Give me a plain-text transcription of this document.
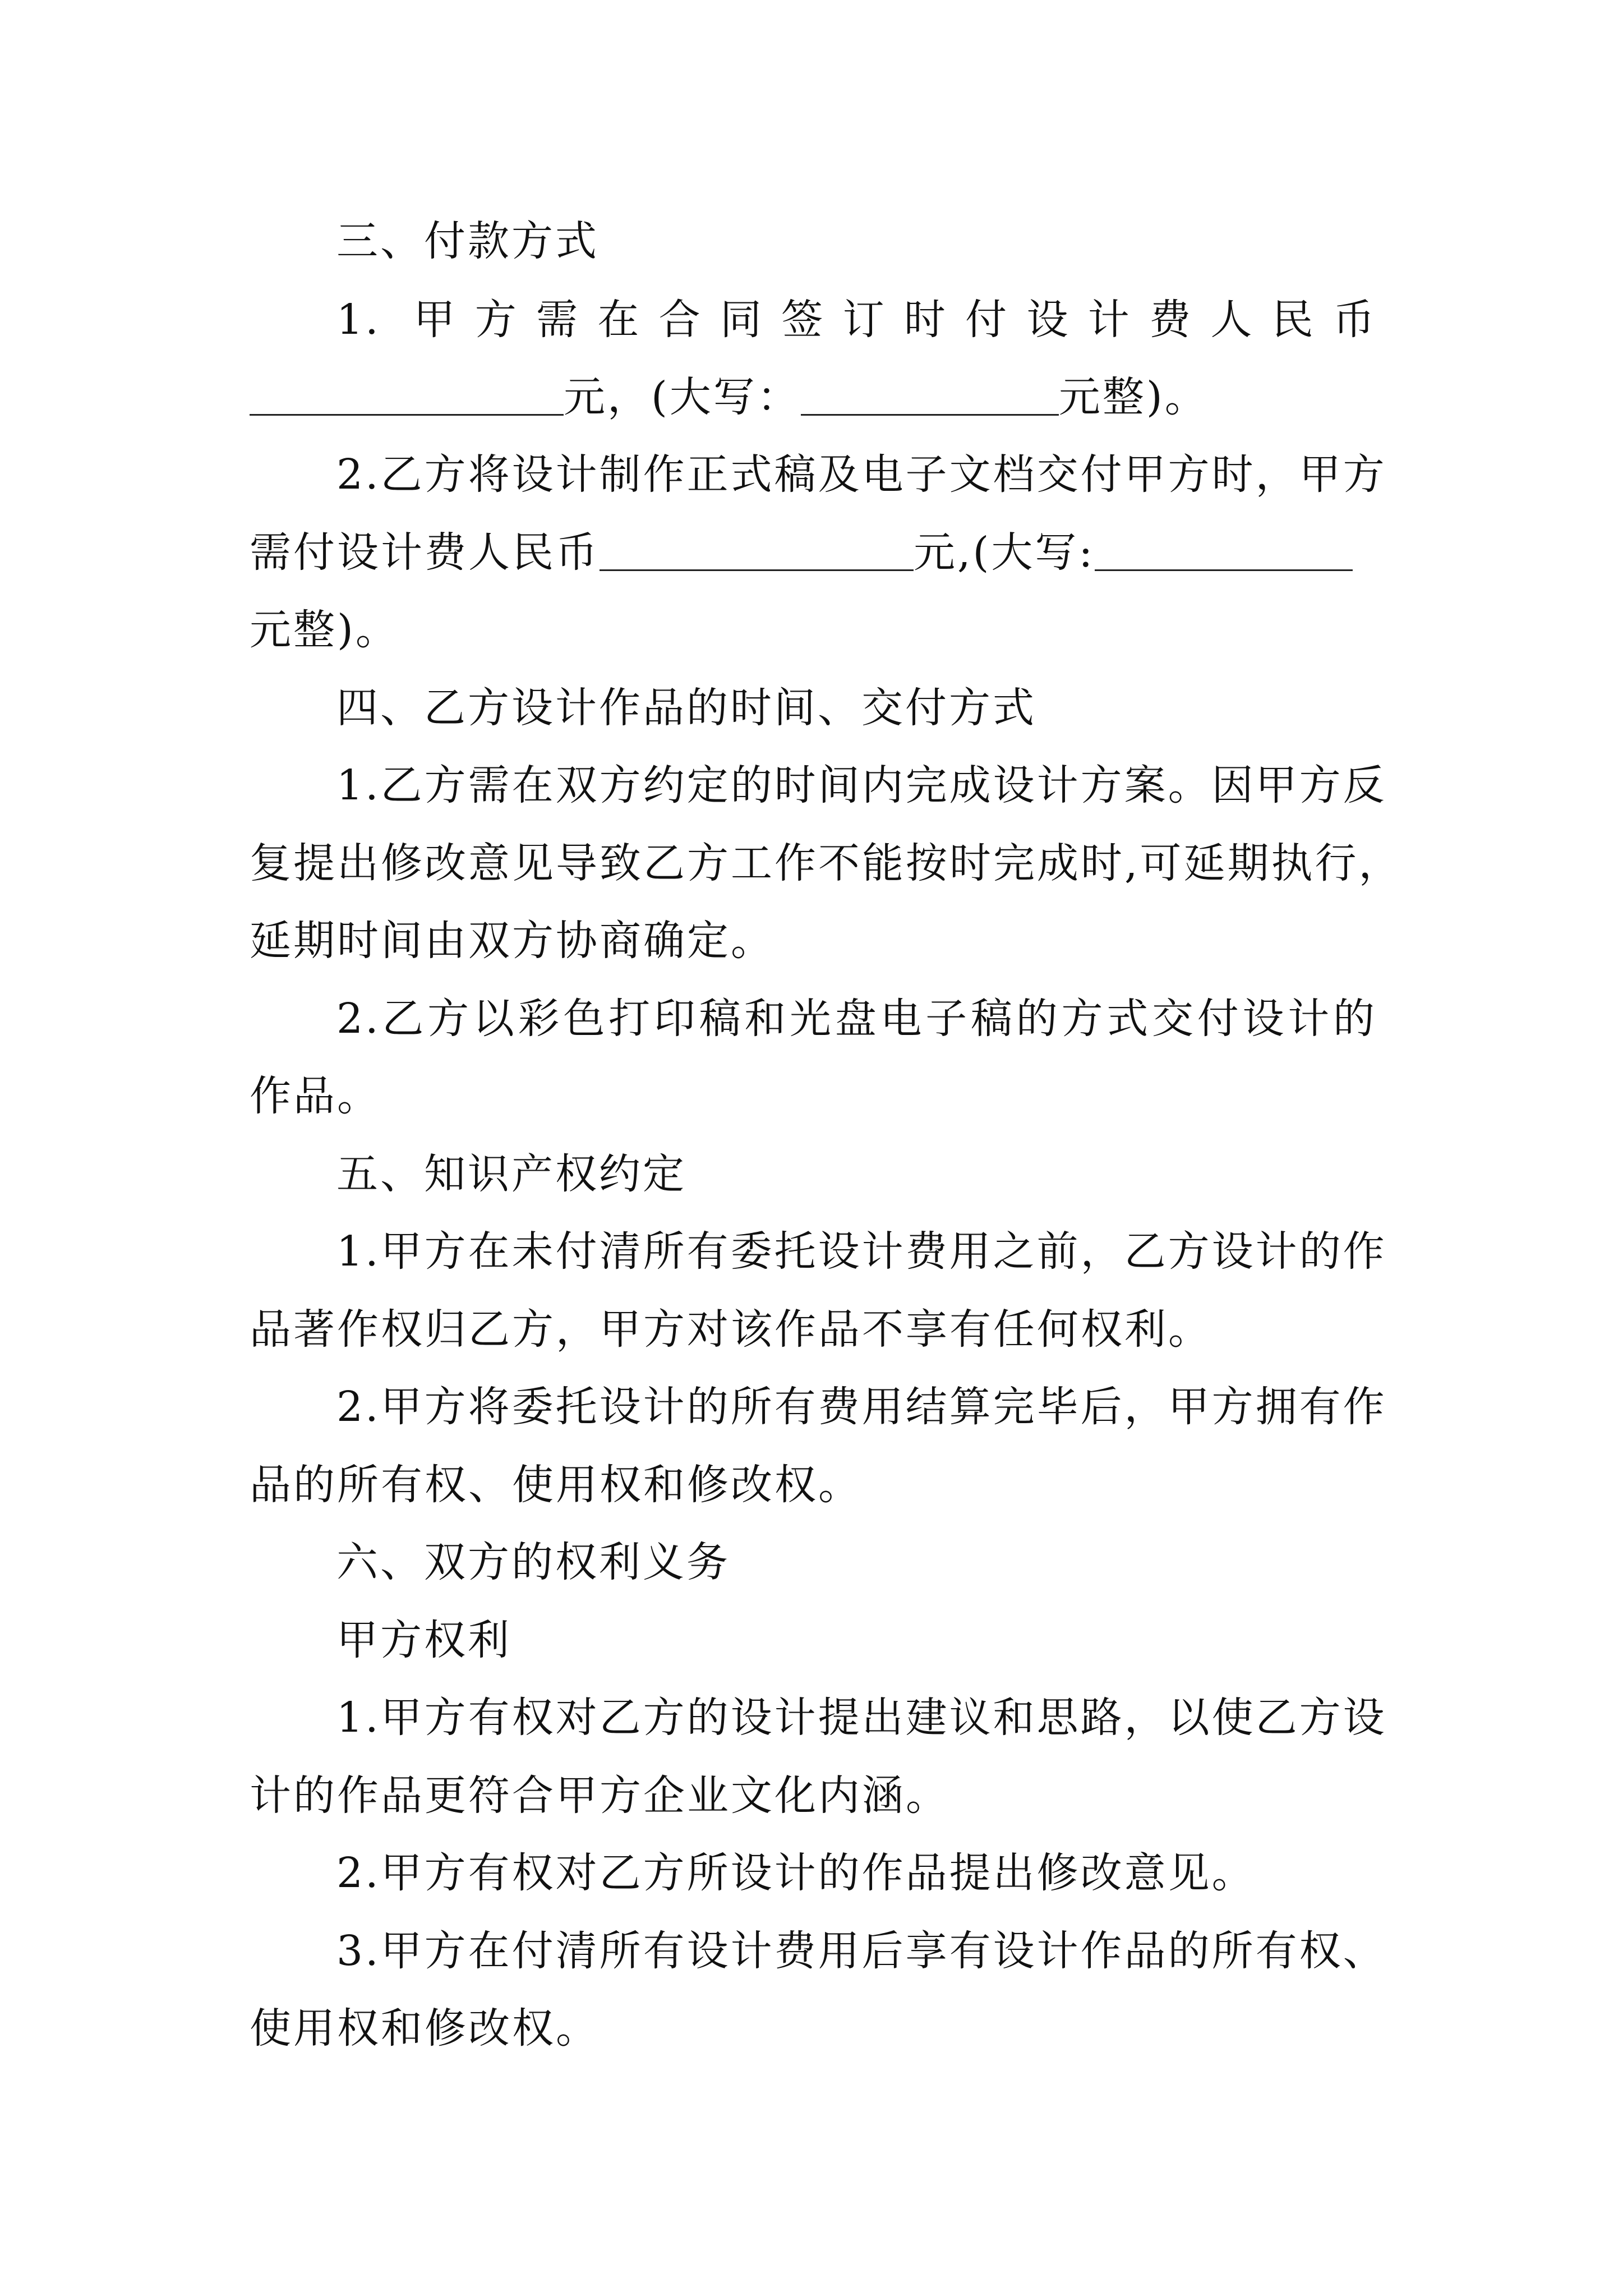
三、付款方式
1. 甲方需在合同签订时付设计费人民币
元，(大写：	元整)。
2.乙方将设计制作正式稿及电子文档交付甲方时，甲方
需付设计费人民币	元,(大写:
元整)。
四、乙方设计作品的时间、交付方式
1.乙方需在双方约定的时间内完成设计方案。因甲方反
复提出修改意见导致乙方工作不能按时完成时,可延期执行，
延期时间由双方协商确定。
2.乙方以彩色打印稿和光盘电子稿的方式交付设计的
作品。
五、知识产权约定
1.甲方在未付清所有委托设计费用之前，乙方设计的作
品著作权归乙方，甲方对该作品不享有任何权利。
2.甲方将委托设计的所有费用结算完毕后，甲方拥有作
品的所有权、使用权和修改权。
六、双方的权利义务
甲方权利
1.甲方有权对乙方的设计提出建议和思路，以使乙方设
计的作品更符合甲方企业文化内涵。
2.甲方有权对乙方所设计的作品提出修改意见。
3.甲方在付清所有设计费用后享有设计作品的所有权、
使用权和修改权。
